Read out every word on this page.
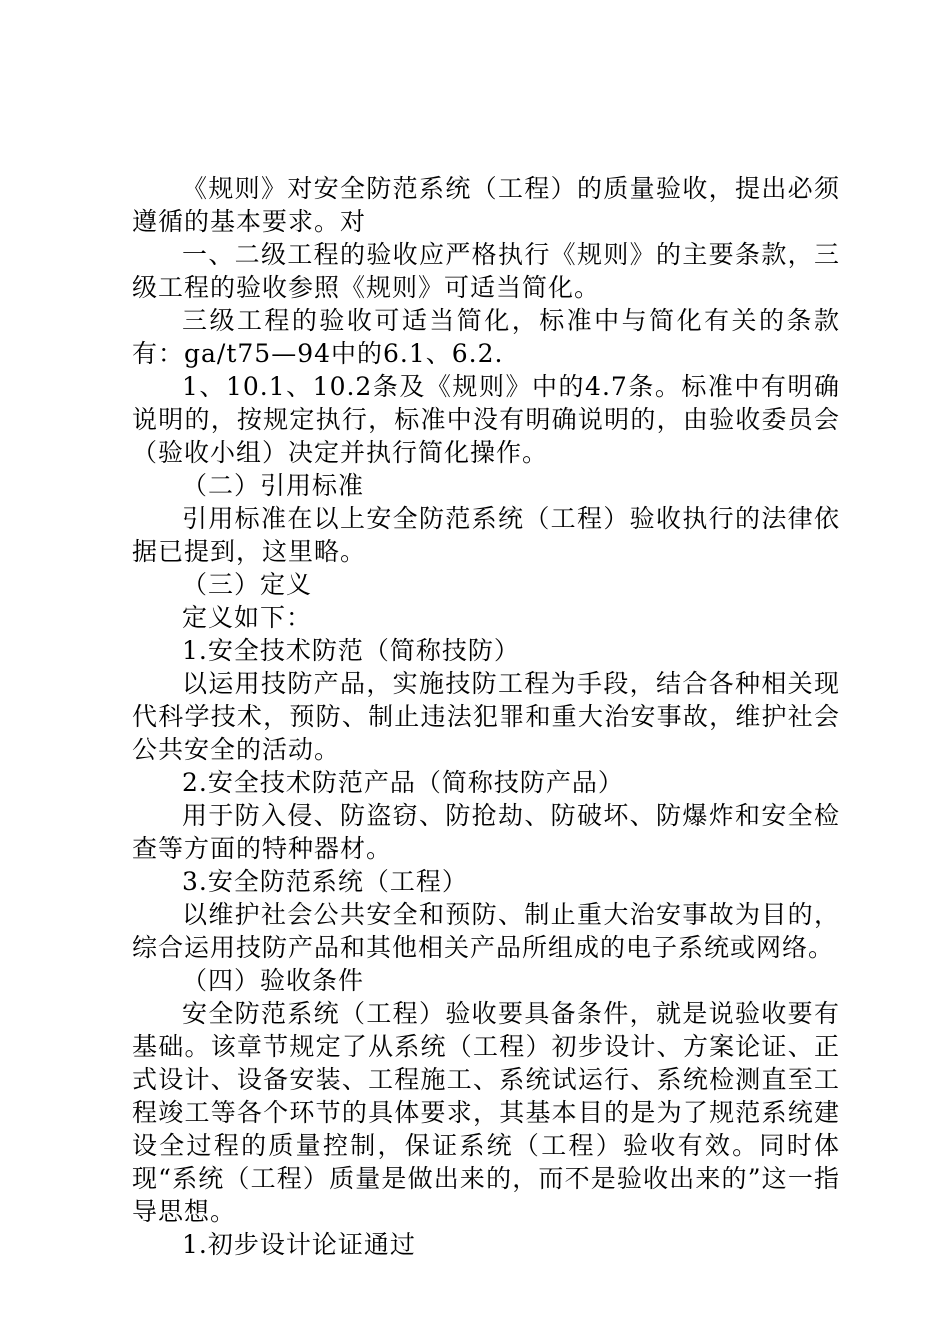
《规则》对安全防范系统（工程）的质量验收，提出必须遵循的基本要求。对

一、二级工程的验收应严格执行《规则》的主要条款，三级工程的验收参照《规则》可适当简化。

三级工程的验收可适当简化，标准中与简化有关的条款有：ga/t75—94中的6.1、6.2.

1、10.1、10.2条及《规则》中的4.7条。标准中有明确说明的，按规定执行，标准中没有明确说明的，由验收委员会（验收小组）决定并执行简化操作。

（二）引用标准

引用标准在以上安全防范系统（工程）验收执行的法律依据已提到，这里略。

（三）定义

定义如下：

1.安全技术防范（简称技防）

以运用技防产品，实施技防工程为手段，结合各种相关现代科学技术，预防、制止违法犯罪和重大治安事故，维护社会公共安全的活动。

2.安全技术防范产品（简称技防产品）

用于防入侵、防盗窃、防抢劫、防破坏、防爆炸和安全检查等方面的特种器材。

3.安全防范系统（工程）

以维护社会公共安全和预防、制止重大治安事故为目的，综合运用技防产品和其他相关产品所组成的电子系统或网络。

（四）验收条件

安全防范系统（工程）验收要具备条件，就是说验收要有基础。该章节规定了从系统（工程）初步设计、方案论证、正式设计、设备安装、工程施工、系统试运行、系统检测直至工程竣工等各个环节的具体要求，其基本目的是为了规范系统建设全过程的质量控制，保证系统（工程）验收有效。同时体现“系统（工程）质量是做出来的，而不是验收出来的”这一指导思想。

1.初步设计论证通过
